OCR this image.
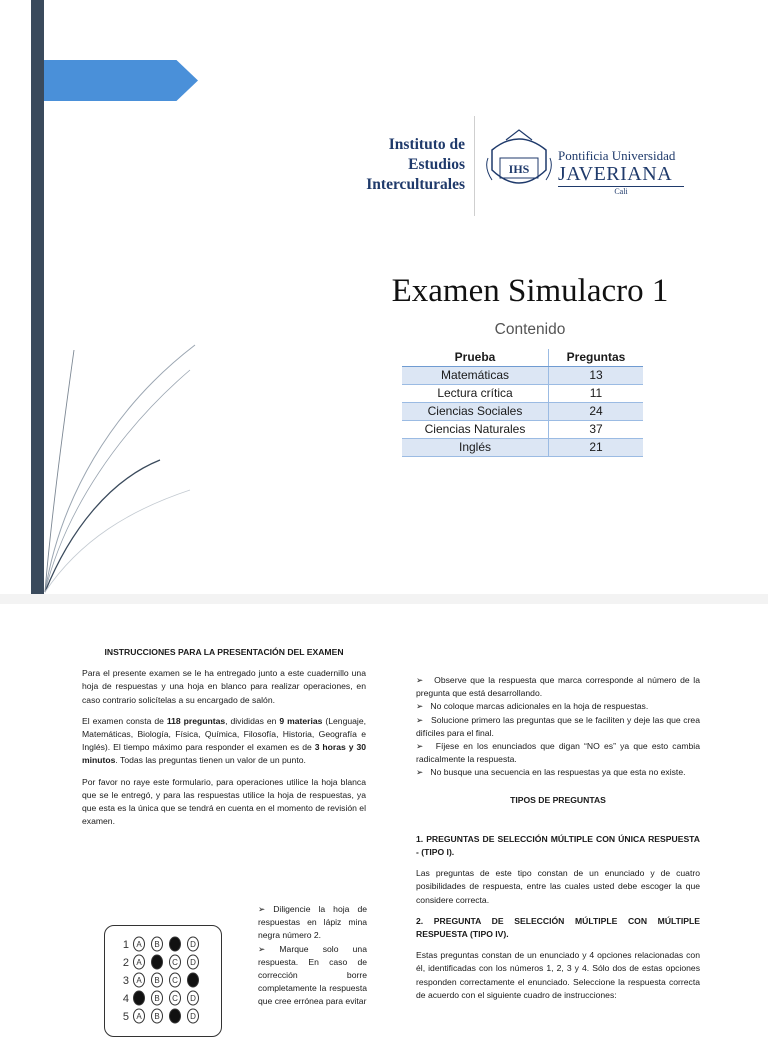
Instituto de
Estudios
Interculturales
IHS
Pontificia Universidad
JAVERIANA
Cali
Examen Simulacro 1
Contenido
Prueba	Preguntas
Matemáticas	13
Lectura crítica	11
Ciencias Sociales	24
Ciencias Naturales	37
Inglés	21

INSTRUCCIONES PARA LA PRESENTACIÓN DEL EXAMEN

Para el presente examen se le ha entregado junto a este cuadernillo una hoja de respuestas y una hoja en blanco para realizar operaciones, en caso contrario solicítelas a su encargado de salón.

El examen consta de 118 preguntas, divididas en 9 materias (Lenguaje, Matemáticas, Biología, Física, Química, Filosofía, Historia, Geografía e Inglés). El tiempo máximo para responder el examen es de 3 horas y 30 minutos. Todas las preguntas tienen un valor de un punto.

Por favor no raye este formulario, para operaciones utilice la hoja blanca que se le entregó, y para las respuestas utilice la hoja de respuestas, ya que esta es la única que se tendrá en cuenta en el momento de revisión el examen.

➢ Diligencie la hoja de respuestas en lápiz mina negra número 2.

➢ Marque solo una respuesta. En caso de corrección borre completamente la respuesta que cree errónea para evitar

1 A B	D
2 A	C D
3 A B C
4	B C D
5 A B	D

➢   Observe que la respuesta que marca corresponde al número de la pregunta que está desarrollando.

➢   No coloque marcas adicionales en la hoja de respuestas.

➢   Solucione primero las preguntas que se le faciliten y deje las que crea difíciles para el final.

➢   Fíjese en los enunciados que digan “NO es” ya que esto cambia radicalmente la respuesta.

➢   No busque una secuencia en las respuestas ya que esta no existe.

TIPOS DE PREGUNTAS

1. PREGUNTAS DE SELECCIÓN MÚLTIPLE CON ÚNICA RESPUESTA - (TIPO I).

Las preguntas de este tipo constan de un enunciado y de cuatro posibilidades de respuesta, entre las cuales usted debe escoger la que considere correcta.

2. PREGUNTA DE SELECCIÓN MÚLTIPLE CON MÚLTIPLE RESPUESTA (TIPO IV).

Estas preguntas constan de un enunciado y 4 opciones relacionadas con él, identificadas con los números 1, 2, 3 y 4. Sólo dos de estas opciones responden correctamente el enunciado. Seleccione la respuesta correcta de acuerdo con el siguiente cuadro de instrucciones:
